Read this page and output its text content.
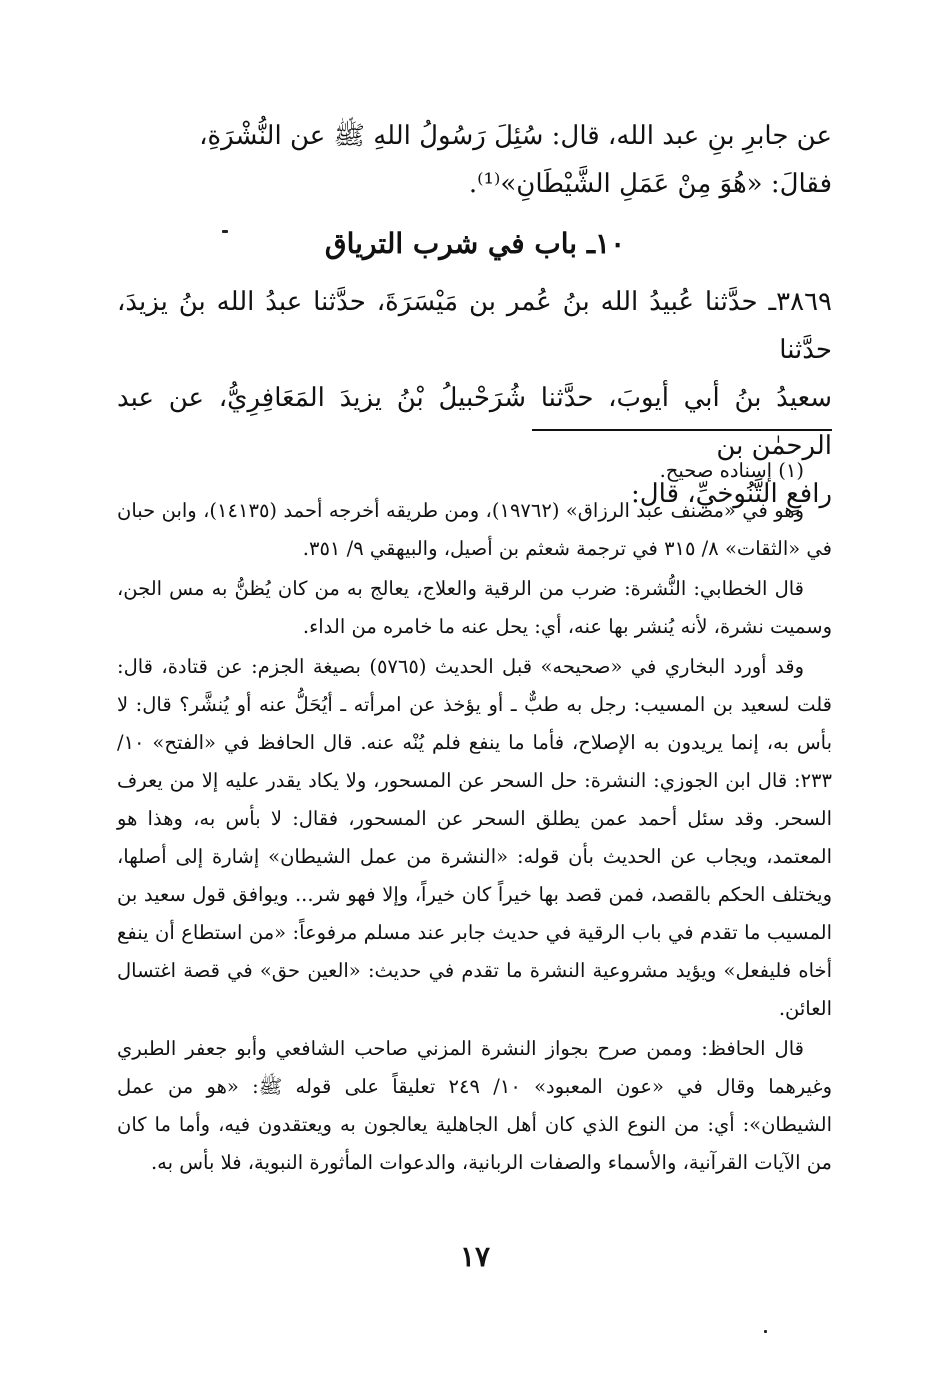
عن جابرِ بنِ عبد الله، قال: سُئِلَ رَسُولُ اللهِ ﷺ عن النُّشْرَةِ،

فقالَ: «هُوَ مِنْ عَمَلِ الشَّيْطَانِ»⁽¹⁾.

١٠ـ باب في شرب الترياق

٣٨٦٩ـ حدَّثنا عُبيدُ الله بنُ عُمر بن مَيْسَرَةَ، حدَّثنا عبدُ الله بنُ يزيدَ، حدَّثنا

سعيدُ بنُ أبي أيوبَ، حدَّثنا شُرَحْبيلُ بْنُ يزيدَ المَعَافِرِيُّ، عن عبد الرحمٰن بن

رافعٍ التَّنُوخيِّ، قال:

(١) إسناده صحيح.

وهو في «مصنف عبد الرزاق» (١٩٧٦٢)، ومن طريقه أخرجه أحمد (١٤١٣٥)، وابن حبان في «الثقات» ٨/ ٣١٥ في ترجمة شعثم بن أصيل، والبيهقي ٩/ ٣٥١.

قال الخطابي: النُّشرة: ضرب من الرقية والعلاج، يعالج به من كان يُظنُّ به مس الجن، وسميت نشرة، لأنه يُنشر بها عنه، أي: يحل عنه ما خامره من الداء.

وقد أورد البخاري في «صحيحه» قبل الحديث (٥٧٦٥) بصيغة الجزم: عن قتادة، قال: قلت لسعيد بن المسيب: رجل به طبٌّ ـ أو يؤخذ عن امرأته ـ أيُحَلُّ عنه أو يُنشَّر؟ قال: لا بأس به، إنما يريدون به الإصلاح، فأما ما ينفع فلم يُنْه عنه. قال الحافظ في «الفتح» ١٠/ ٢٣٣: قال ابن الجوزي: النشرة: حل السحر عن المسحور، ولا يكاد يقدر عليه إلا من يعرف السحر. وقد سئل أحمد عمن يطلق السحر عن المسحور، فقال: لا بأس به، وهذا هو المعتمد، ويجاب عن الحديث بأن قوله: «النشرة من عمل الشيطان» إشارة إلى أصلها، ويختلف الحكم بالقصد، فمن قصد بها خيراً كان خيراً، وإلا فهو شر... ويوافق قول سعيد بن المسيب ما تقدم في باب الرقية في حديث جابر عند مسلم مرفوعاً: «من استطاع أن ينفع أخاه فليفعل» ويؤيد مشروعية النشرة ما تقدم في حديث: «العين حق» في قصة اغتسال العائن.

قال الحافظ: وممن صرح بجواز النشرة المزني صاحب الشافعي وأبو جعفر الطبري وغيرهما وقال في «عون المعبود» ١٠/ ٢٤٩ تعليقاً على قوله ﷺ: «هو من عمل الشيطان»: أي: من النوع الذي كان أهل الجاهلية يعالجون به ويعتقدون فيه، وأما ما كان من الآيات القرآنية، والأسماء والصفات الربانية، والدعوات المأثورة النبوية، فلا بأس به.

١٧
